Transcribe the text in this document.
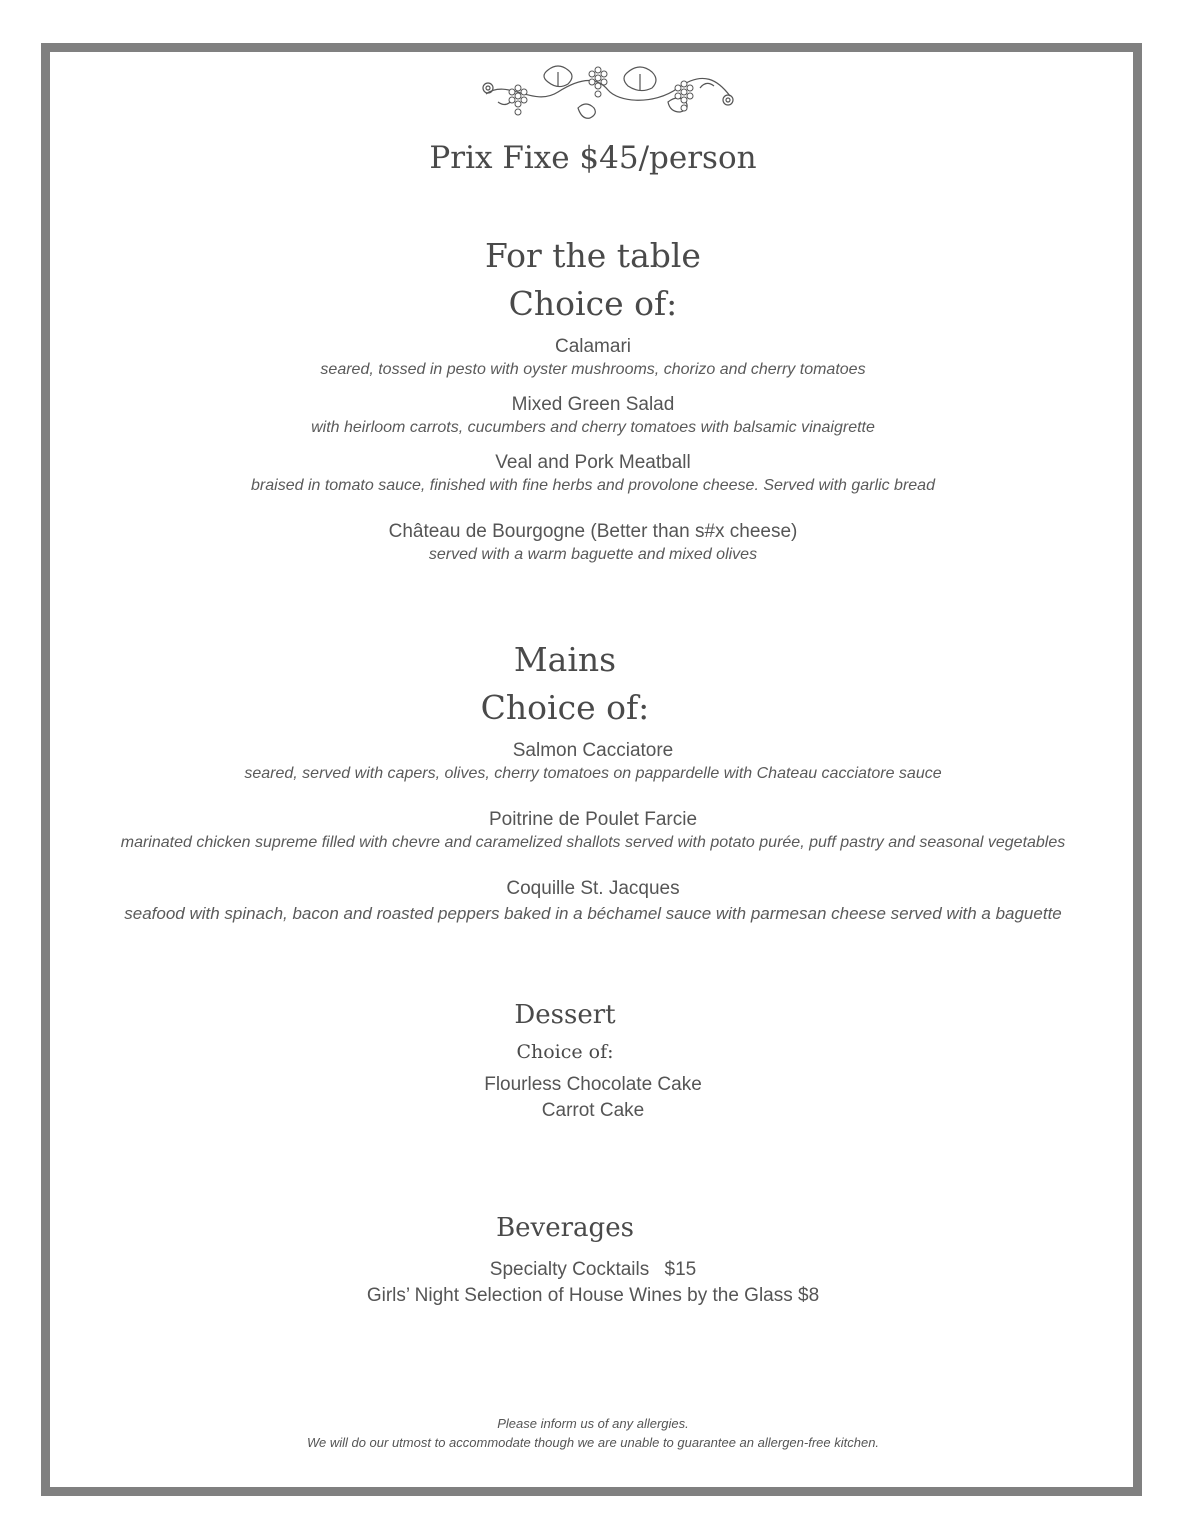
Prix Fixe $45/person
For the table
Choice of:
Calamari
seared, tossed in pesto with oyster mushrooms, chorizo and cherry tomatoes
Mixed Green Salad
with heirloom carrots, cucumbers and cherry tomatoes with balsamic vinaigrette
Veal and Pork Meatball
braised in tomato sauce, finished with fine herbs and provolone cheese. Served with garlic bread
Château de Bourgogne (Better than s#x cheese)
served with a warm baguette and mixed olives
Mains
Choice of:
Salmon Cacciatore
seared, served with capers, olives, cherry tomatoes on pappardelle with Chateau cacciatore sauce
Poitrine de Poulet Farcie
marinated chicken supreme filled with chevre and caramelized shallots served with potato purée, puff pastry and seasonal vegetables
Coquille St. Jacques
seafood with spinach, bacon and roasted peppers baked in a béchamel sauce with parmesan cheese served with a baguette
Dessert
Choice of:
Flourless Chocolate Cake
Carrot Cake
Beverages
Specialty Cocktails $15
Girls’ Night Selection of House Wines by the Glass $8
Please inform us of any allergies.
We will do our utmost to accommodate though we are unable to guarantee an allergen-free kitchen.
